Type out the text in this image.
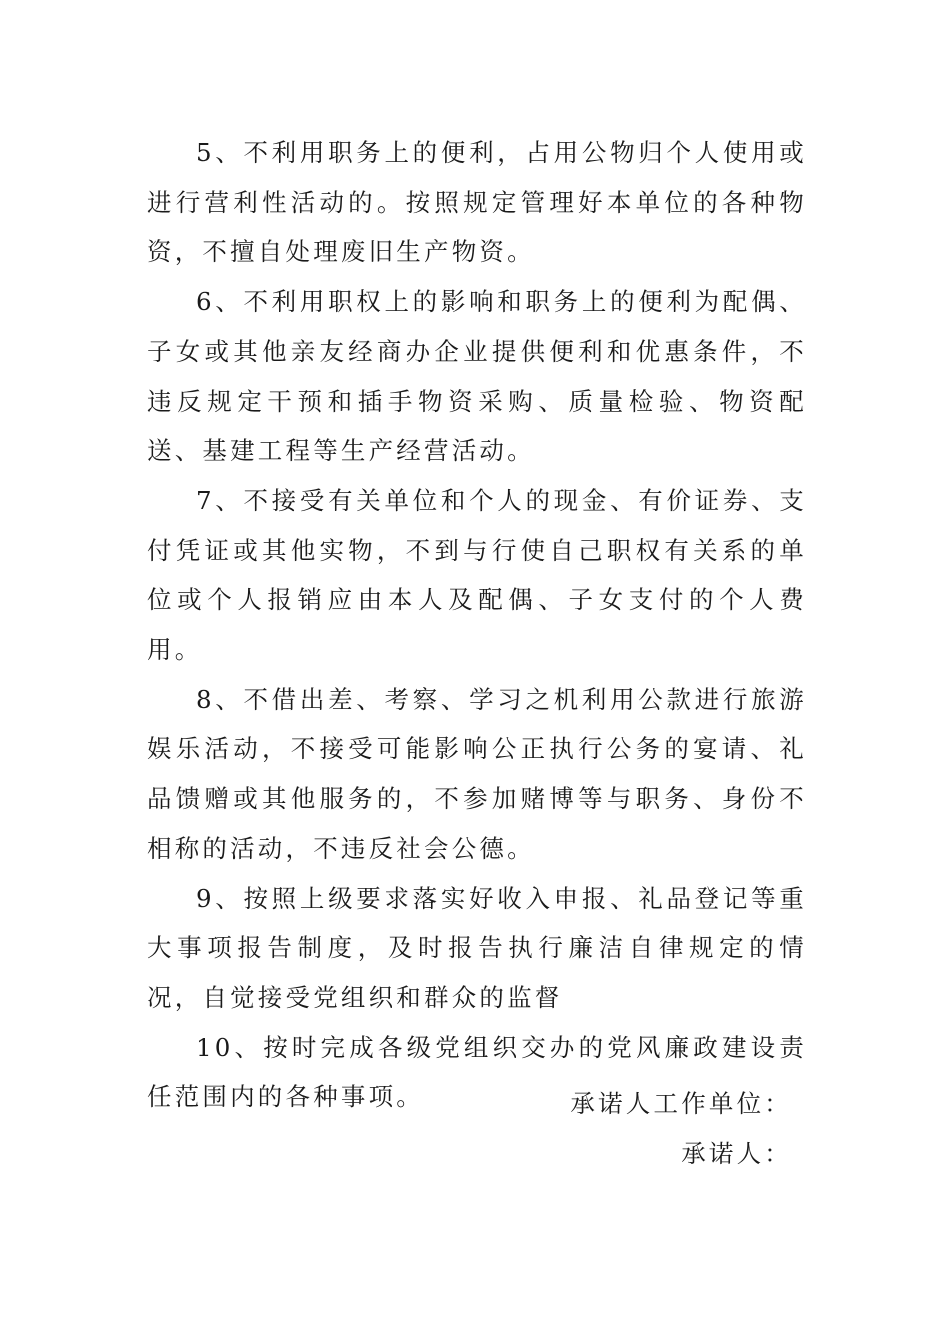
5、不利用职务上的便利，占用公物归个人使用或进行营利性活动的。按照规定管理好本单位的各种物资，不擅自处理废旧生产物资。

6、不利用职权上的影响和职务上的便利为配偶、子女或其他亲友经商办企业提供便利和优惠条件，不违反规定干预和插手物资采购、质量检验、物资配送、基建工程等生产经营活动。

7、不接受有关单位和个人的现金、有价证券、支付凭证或其他实物，不到与行使自己职权有关系的单位或个人报销应由本人及配偶、子女支付的个人费用。

8、不借出差、考察、学习之机利用公款进行旅游娱乐活动，不接受可能影响公正执行公务的宴请、礼品馈赠或其他服务的，不参加赌博等与职务、身份不相称的活动，不违反社会公德。

9、按照上级要求落实好收入申报、礼品登记等重大事项报告制度，及时报告执行廉洁自律规定的情况，自觉接受党组织和群众的监督

10、按时完成各级党组织交办的党风廉政建设责任范围内的各种事项。	承诺人工作单位：

承诺人：
